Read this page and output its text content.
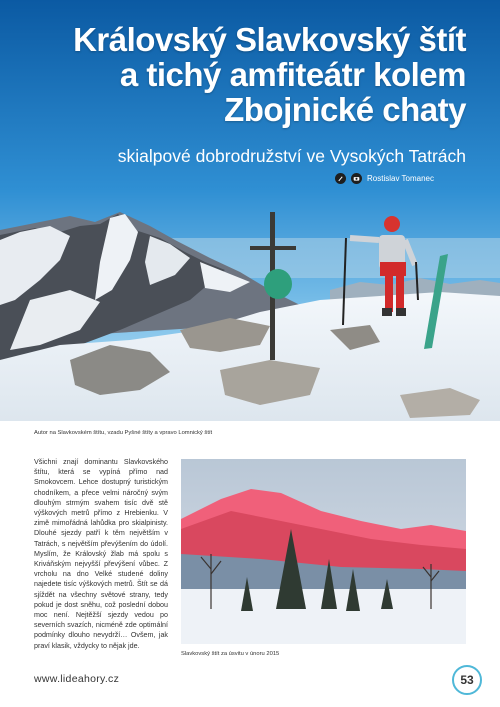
Královský Slavkovský štít
a tichý amfiteátr kolem
Zbojnické chaty
skialpové dobrodružství ve Vysokých Tatrách
Rostislav Tomanec
Autor na Slavkovském štítu, vzadu Pyšné štíty a vpravo Lomnický štít
Všichni znají dominantu Slavkovského štítu, která se vypíná přímo nad Smokovcem. Lehce dostupný turistickým chodníkem, a přece velmi náročný svým dlouhým strmým svahem tisíc dvě stě výškových metrů přímo z Hrebienku. V zimě mimořádná lahůdka pro skialpinisty. Dlouhé sjezdy patří k těm největším v Tatrách, s největším převýšením do údolí. Myslím, že Královský žlab má spolu s Kriváňským nejvyšší převýšení vůbec. Z vrcholu na dno Velké studené doliny najedete tisíc výškových metrů. Štít se dá sjíždět na všechny světové strany, tedy pokud je dost sněhu, což poslední dobou moc není. Nejtěžší sjezdy vedou po severních svazích, nicméně zde optimální podmínky dlouho nevydrží… Ovšem, jak praví klasik, vždycky to nějak jde.
Slavkovský štít za úsvitu v únoru 2015
www.lideahory.cz	53
